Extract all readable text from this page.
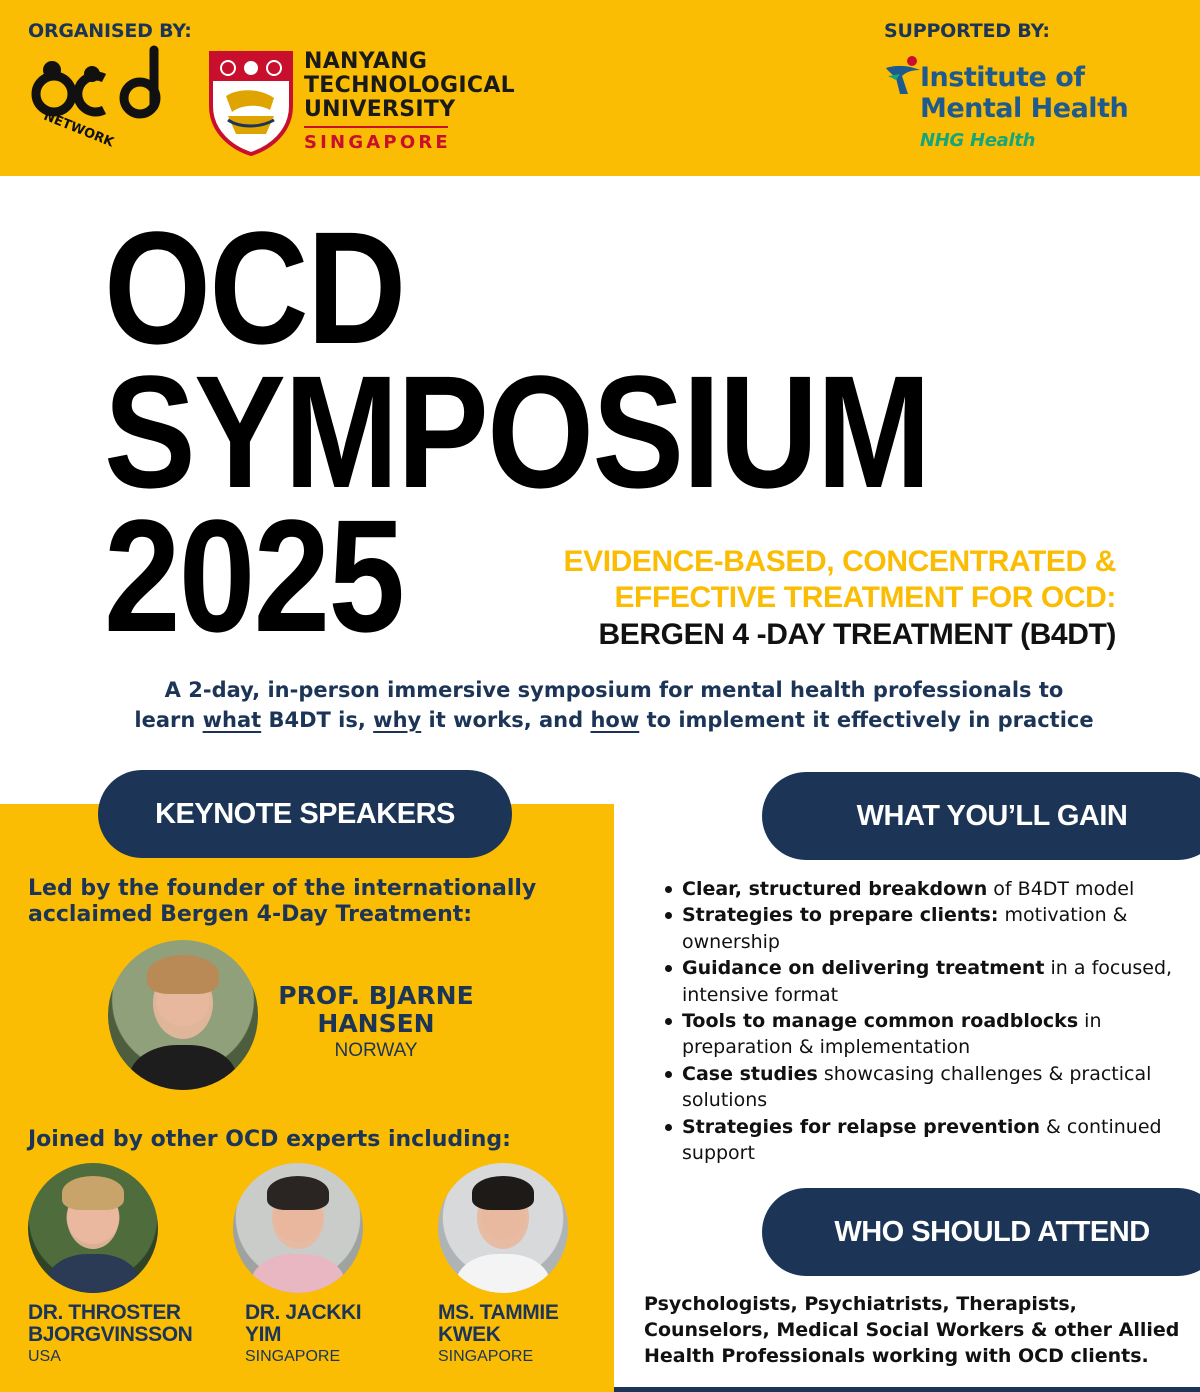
ORGANISED BY:	SUPPORTED BY:
NETWORK
NANYANG
TECHNOLOGICAL
UNIVERSITY
SINGAPORE
Institute of
Mental Health
NHG Health
OCD
SYMPOSIUM
2025	EVIDENCE-BASED, CONCENTRATED &
EFFECTIVE TREATMENT FOR OCD:
BERGEN 4 -DAY TREATMENT (B4DT)
A 2-day, in-person immersive symposium for mental health professionals to
learn what B4DT is, why it works, and how to implement it effectively in practice
KEYNOTE SPEAKERS
Led by the founder of the internationally
acclaimed Bergen 4-Day Treatment:
PROF. BJARNE
HANSEN
NORWAY
Joined by other OCD experts including:
DR. THROSTER
BJORGVINSSON
USA
DR. JACKKI
YIM
SINGAPORE
MS. TAMMIE
KWEK
SINGAPORE
WHAT YOU’LL GAIN
Clear, structured breakdown of B4DT model
Strategies to prepare clients: motivation & ownership
Guidance on delivering treatment in a focused, intensive format
Tools to manage common roadblocks in preparation & implementation
Case studies showcasing challenges & practical solutions
Strategies for relapse prevention & continued support
WHO SHOULD ATTEND
Psychologists, Psychiatrists, Therapists,
Counselors, Medical Social Workers & other Allied
Health Professionals working with OCD clients.
